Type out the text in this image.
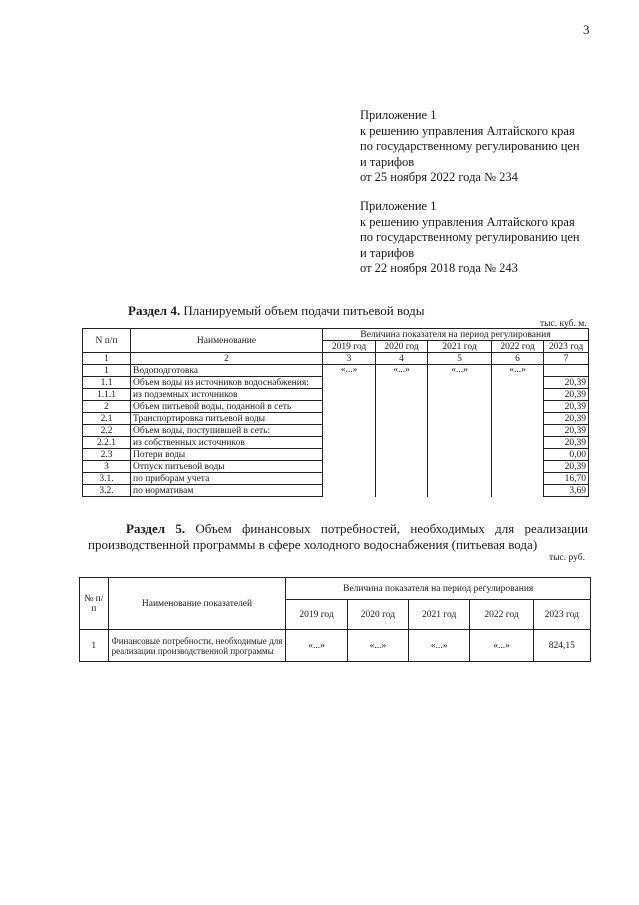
3
Приложение 1
к решению управления Алтайского края
по государственному регулированию цен
и тарифов
от 25 ноября 2022 года № 234
Приложение 1
к решению управления Алтайского края
по государственному регулированию цен
и тарифов
от 22 ноября 2018 года № 243
Раздел 4. Планируемый объем подачи питьевой воды
тыс. куб. м.
N п/п	Наименование	Величина показателя на период регулирования				
		2019 год	2020 год	2021 год	2022 год	2023 год
1	2	3	4	5	6	7
1	Водоподготовка	«...»	«...»	«...»	«...»	
1.1	Объем воды из источников водоснабжения:					20,39
1.1.1	из подземных источников					20,39
2	Объем питьевой воды, поданной в сеть					20,39
2.1	Транспортировка питьевой воды					20,39
2.2	Объем воды, поступившей в сеть:					20,39
2.2.1	из собственных источников					20,39
2.3	Потери воды					0,00
3	Отпуск питьевой воды					20,39
3.1.	по приборам учета					16,70
3.2.	по нормативам					3,69
Раздел 5. Объем финансовых потребностей, необходимых для реализации
производственной программы в сфере холодного водоснабжения (питьевая вода)
тыс. руб.
№ п/п	Наименование показателей	Величина показателя на период регулирования				
		2019 год	2020 год	2021 год	2022 год	2023 год
1	Финансовые потребности, необходимые для реализации производственной программы	«...»	«...»	«...»	«...»	824,15
